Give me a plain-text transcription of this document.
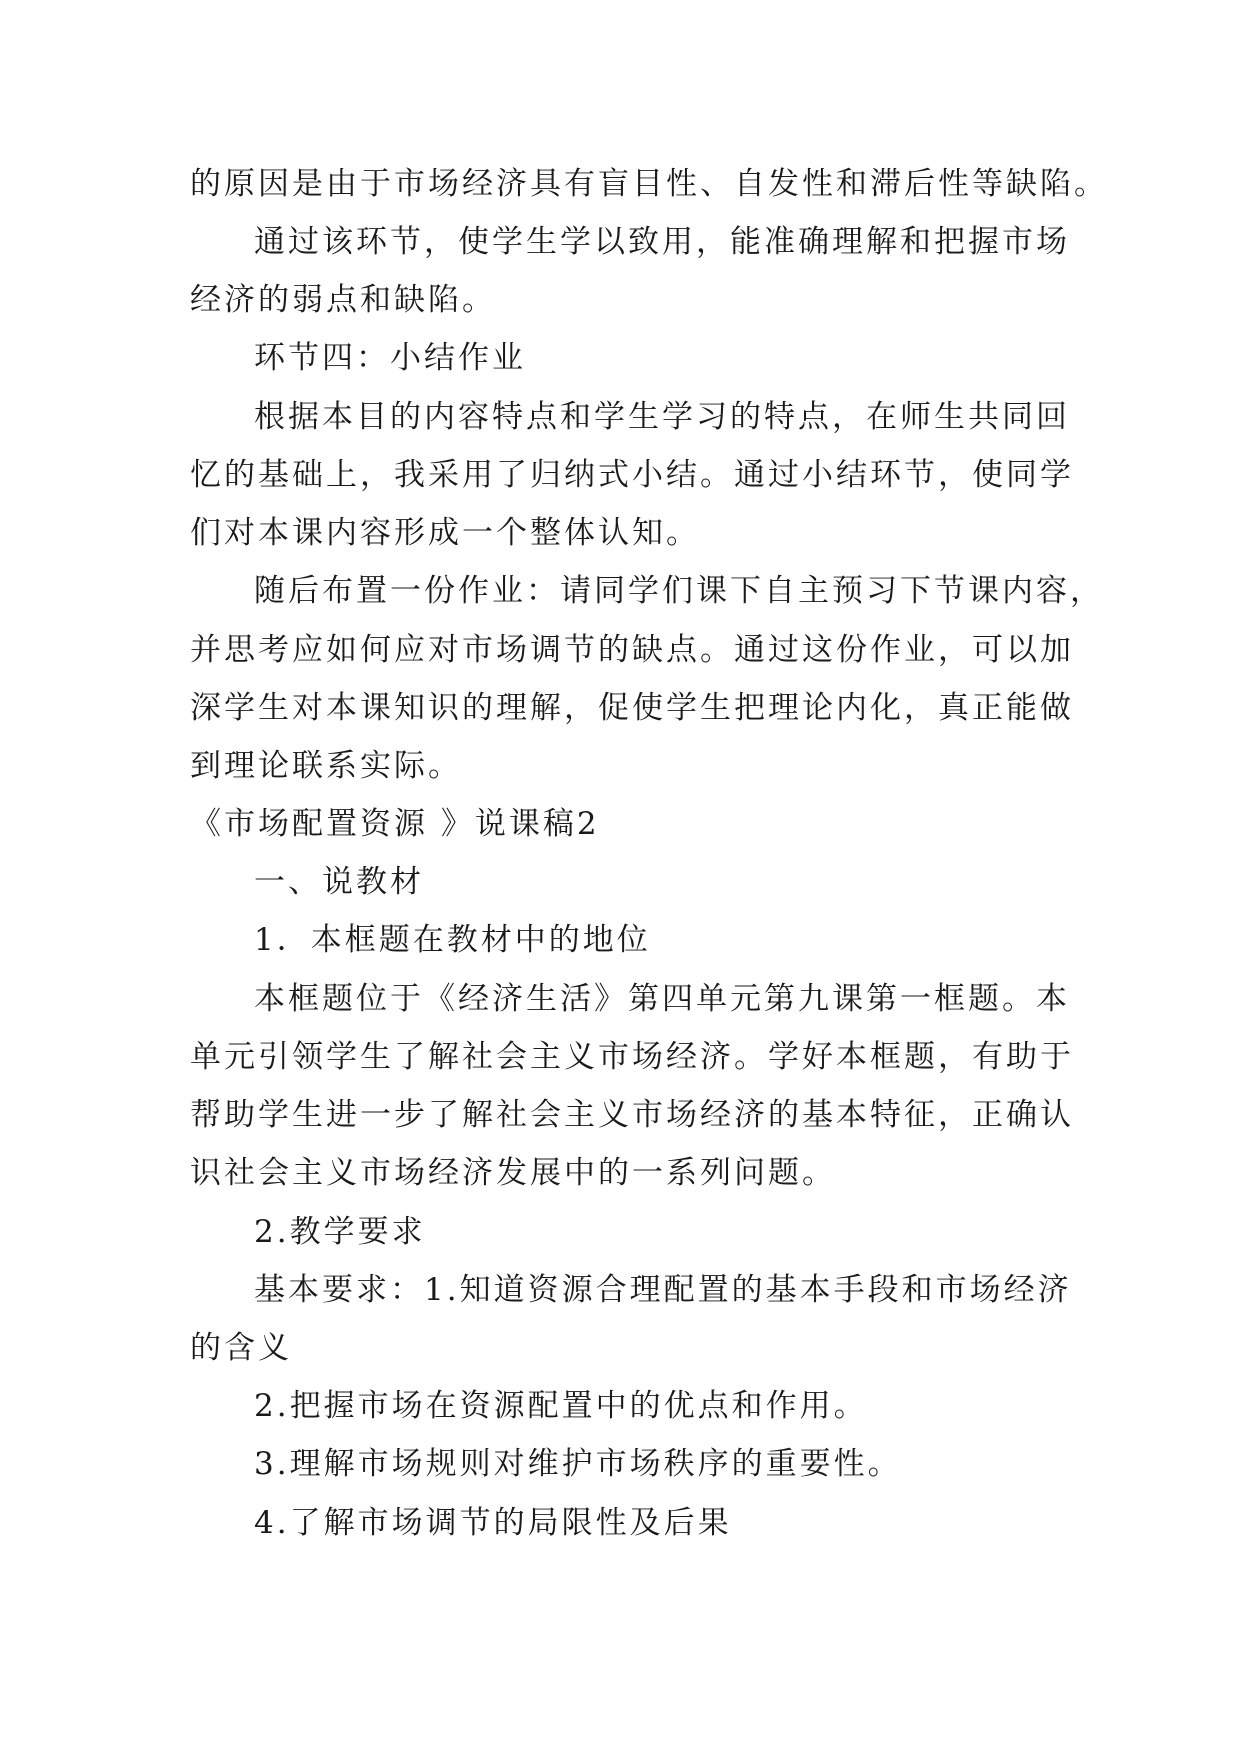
的原因是由于市场经济具有盲目性、自发性和滞后性等缺陷。
通过该环节，使学生学以致用，能准确理解和把握市场
经济的弱点和缺陷。
环节四：小结作业
根据本目的内容特点和学生学习的特点，在师生共同回
忆的基础上，我采用了归纳式小结。通过小结环节，使同学
们对本课内容形成一个整体认知。
随后布置一份作业：请同学们课下自主预习下节课内容，
并思考应如何应对市场调节的缺点。通过这份作业，可以加
深学生对本课知识的理解，促使学生把理论内化，真正能做
到理论联系实际。
《市场配置资源 》说课稿2
一、说教材
1．本框题在教材中的地位
本框题位于《经济生活》第四单元第九课第一框题。本
单元引领学生了解社会主义市场经济。学好本框题，有助于
帮助学生进一步了解社会主义市场经济的基本特征，正确认
识社会主义市场经济发展中的一系列问题。
2.教学要求
基本要求：1.知道资源合理配置的基本手段和市场经济
的含义
2.把握市场在资源配置中的优点和作用。
3.理解市场规则对维护市场秩序的重要性。
4.了解市场调节的局限性及后果
